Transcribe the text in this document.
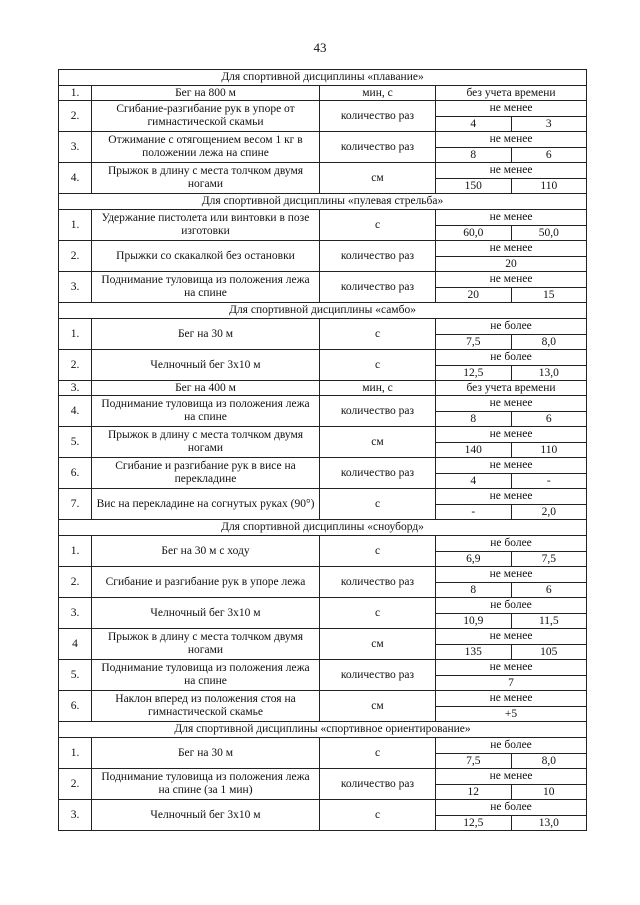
43
Для спортивной дисциплины «плавание»			
1.	Бег на 800 м	мин, с	без учета времени
2.	Сгибание-разгибание рук в упоре от гимнастической скамьи	количество раз	не менее
4 3

3.	Отжимание с отягощением весом 1 кг в положении лежа на спине	количество раз	не менее
8 6

4.	Прыжок в длину с места толчком двумя ногами	см	не менее
150 110

Для спортивной дисциплины «пулевая стрельба»			
1.	Удержание пистолета или винтовки в позе изготовки	с	не менее
60,0 50,0

2.	Прыжки со скакалкой без остановки	количество раз	не менее
20

3.	Поднимание туловища из положения лежа на спине	количество раз	не менее
20 15

Для спортивной дисциплины «самбо»			
1.	Бег на 30 м	с	не более
7,5 8,0

2.	Челночный бег 3х10 м	с	не более
12,5 13,0

3.	Бег на 400 м	мин, с	без учета времени
4.	Поднимание туловища из положения лежа на спине	количество раз	не менее
8 6

5.	Прыжок в длину с места толчком двумя ногами	см	не менее
140 110

6.	Сгибание и разгибание рук в висе на перекладине	количество раз	не менее
4 -

7.	Вис на перекладине на согнутых руках (90°)	с	не менее
- 2,0

Для спортивной дисциплины «сноуборд»			
1.	Бег на 30 м с ходу	с	не более
6,9 7,5

2.	Сгибание и разгибание рук в упоре лежа	количество раз	не менее
8 6

3.	Челночный бег 3х10 м	с	не более
10,9 11,5

4	Прыжок в длину с места толчком двумя ногами	см	не менее
135 105

5.	Поднимание туловища из положения лежа на спине	количество раз	не менее
7

6.	Наклон вперед из положения стоя на гимнастической скамье	см	не менее
+5

Для спортивной дисциплины «спортивное ориентирование»			
1.	Бег на 30 м	с	не более
7,5 8,0

2.	Поднимание туловища из положения лежа на спине (за 1 мин)	количество раз	не менее
12 10

3.	Челночный бег 3х10 м	с	не более
12,5 13,0
